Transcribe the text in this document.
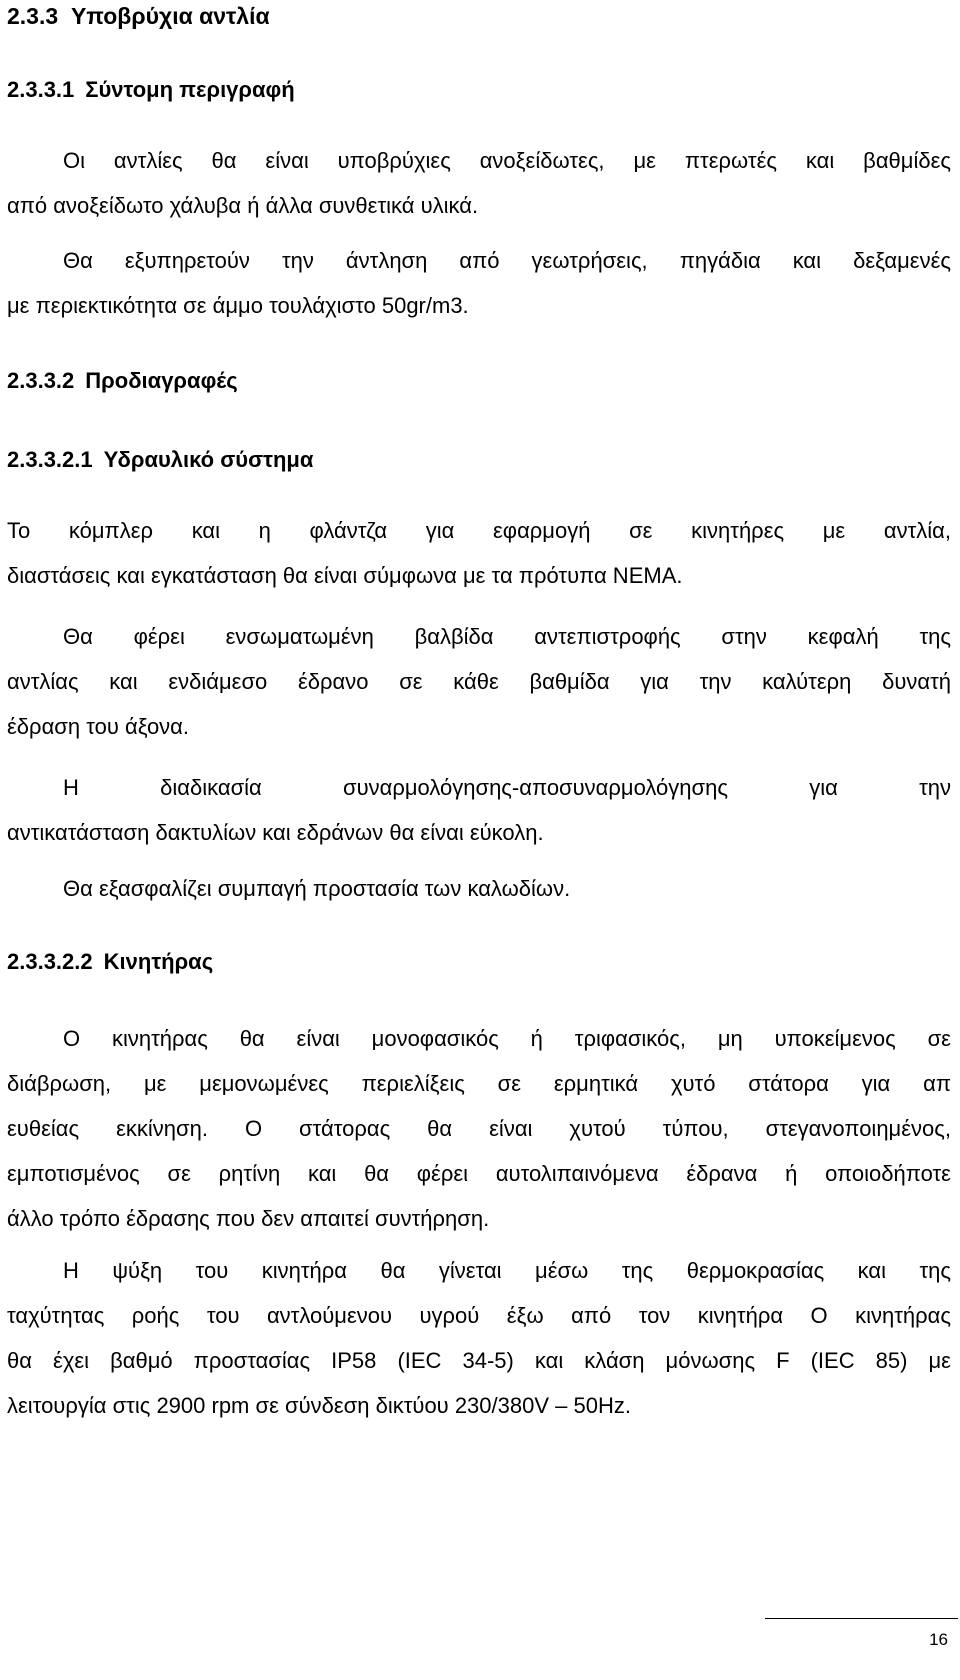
2.3.3 Υποβρύχια αντλία
2.3.3.1 Σύντομη περιγραφή
Οι αντλίες θα είναι υποβρύχιες ανοξείδωτες, με πτερωτές και βαθμίδες
από ανοξείδωτο χάλυβα ή άλλα συνθετικά υλικά.
Θα εξυπηρετούν την άντληση από γεωτρήσεις, πηγάδια και δεξαμενές
με περιεκτικότητα σε άμμο τουλάχιστο 50gr/m3.
2.3.3.2 Προδιαγραφές
2.3.3.2.1 Υδραυλικό σύστημα
Το κόμπλερ και η φλάντζα για εφαρμογή σε κινητήρες με αντλία,
διαστάσεις και εγκατάσταση θα είναι σύμφωνα με τα πρότυπα ΝΕΜΑ.
Θα φέρει ενσωματωμένη βαλβίδα αντεπιστροφής στην κεφαλή της
αντλίας και ενδιάμεσο έδρανο σε κάθε βαθμίδα για την καλύτερη δυνατή
έδραση του άξονα.
Η διαδικασία συναρμολόγησης-αποσυναρμολόγησης για την
αντικατάσταση δακτυλίων και εδράνων θα είναι εύκολη.
Θα εξασφαλίζει συμπαγή προστασία των καλωδίων.
2.3.3.2.2 Κινητήρας
Ο κινητήρας θα είναι μονοφασικός ή τριφασικός, μη υποκείμενος σε
διάβρωση, με μεμονωμένες περιελίξεις σε ερμητικά χυτό στάτορα για απ
ευθείας εκκίνηση. Ο στάτορας θα είναι χυτού τύπου, στεγανοποιημένος,
εμποτισμένος σε ρητίνη και θα φέρει αυτολιπαινόμενα έδρανα ή οποιοδήποτε
άλλο τρόπο έδρασης που δεν απαιτεί συντήρηση.
Η ψύξη του κινητήρα θα γίνεται μέσω της θερμοκρασίας και της
ταχύτητας ροής του αντλούμενου υγρού έξω από τον κινητήρα Ο κινητήρας
θα έχει βαθμό προστασίας IP58 (IEC 34-5) και κλάση μόνωσης F (IEC 85) με
λειτουργία στις 2900 rpm σε σύνδεση δικτύου 230/380V – 50Hz.
16
